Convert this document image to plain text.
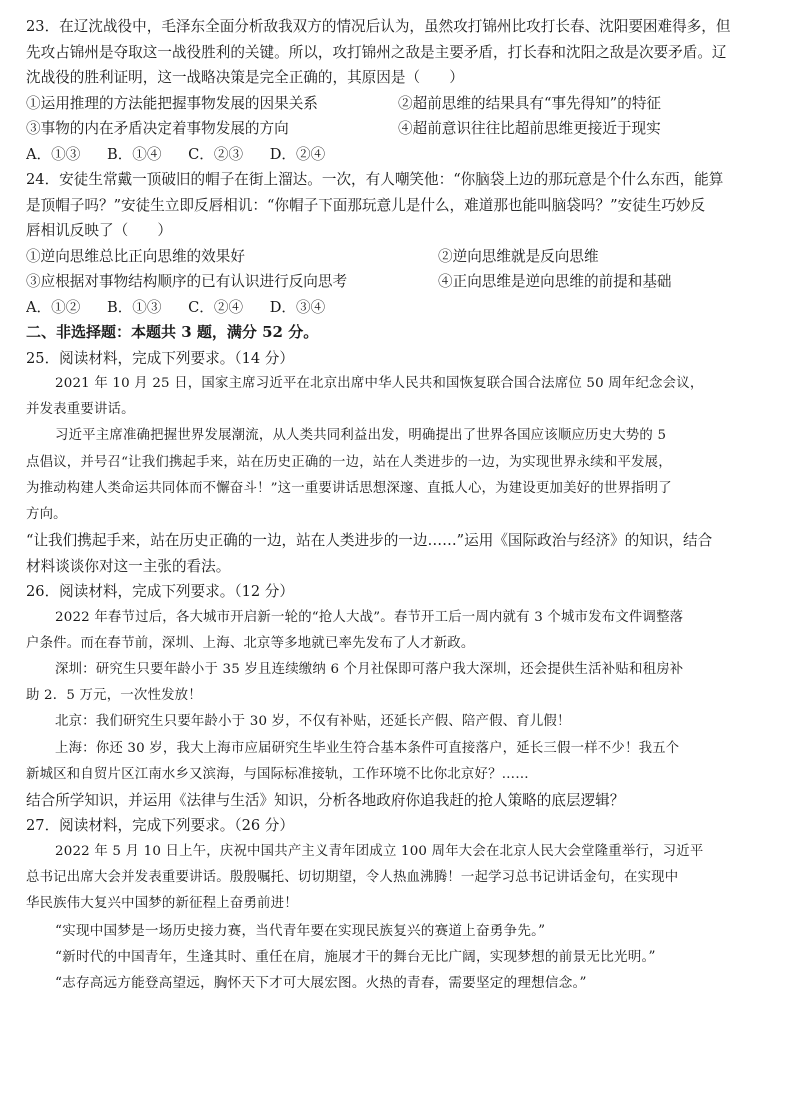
23．在辽沈战役中，毛泽东全面分析敌我双方的情况后认为，虽然攻打锦州比攻打长春、沈阳要困难得多，但
先攻占锦州是夺取这一战役胜利的关键。所以，攻打锦州之敌是主要矛盾，打长春和沈阳之敌是次要矛盾。辽
沈战役的胜利证明，这一战略决策是完全正确的，其原因是（　　）
①运用推理的方法能把握事物发展的因果关系	②超前思维的结果具有“事先得知”的特征
③事物的内在矛盾决定着事物发展的方向	④超前意识往往比超前思维更接近于现实
A．①③ B．①④ C．②③ D．②④
24．安徒生常戴一顶破旧的帽子在街上溜达。一次，有人嘲笑他：“你脑袋上边的那玩意是个什么东西，能算
是顶帽子吗？”安徒生立即反唇相讥：“你帽子下面那玩意儿是什么，难道那也能叫脑袋吗？”安徒生巧妙反
唇相讥反映了（　　）
①逆向思维总比正向思维的效果好	②逆向思维就是反向思维
③应根据对事物结构顺序的已有认识进行反向思考	④正向思维是逆向思维的前提和基础
A．①② B．①③ C．②④ D．③④
二、非选择题：本题共 3 题，满分 52 分。
25．阅读材料，完成下列要求。（14 分）
2021 年 10 月 25 日，国家主席习近平在北京出席中华人民共和国恢复联合国合法席位 50 周年纪念会议，
并发表重要讲话。
习近平主席准确把握世界发展潮流，从人类共同利益出发，明确提出了世界各国应该顺应历史大势的 5
点倡议，并号召“让我们携起手来，站在历史正确的一边，站在人类进步的一边，为实现世界永续和平发展，
为推动构建人类命运共同体而不懈奋斗！”这一重要讲话思想深邃、直抵人心，为建设更加美好的世界指明了
方向。
“让我们携起手来，站在历史正确的一边，站在人类进步的一边……”运用《国际政治与经济》的知识，结合
材料谈谈你对这一主张的看法。
26．阅读材料，完成下列要求。（12 分）
2022 年春节过后，各大城市开启新一轮的“抢人大战”。春节开工后一周内就有 3 个城市发布文件调整落
户条件。而在春节前，深圳、上海、北京等多地就已率先发布了人才新政。
深圳：研究生只要年龄小于 35 岁且连续缴纳 6 个月社保即可落户我大深圳，还会提供生活补贴和租房补
助 2．5 万元，一次性发放！
北京：我们研究生只要年龄小于 30 岁，不仅有补贴，还延长产假、陪产假、育儿假！
上海：你还 30 岁，我大上海市应届研究生毕业生符合基本条件可直接落户，延长三假一样不少！我五个
新城区和自贸片区江南水乡又滨海，与国际标准接轨，工作环境不比你北京好？……
结合所学知识，并运用《法律与生活》知识，分析各地政府你追我赶的抢人策略的底层逻辑？
27．阅读材料，完成下列要求。（26 分）
2022 年 5 月 10 日上午，庆祝中国共产主义青年团成立 100 周年大会在北京人民大会堂隆重举行，习近平
总书记出席大会并发表重要讲话。殷殷嘱托、切切期望，令人热血沸腾！一起学习总书记讲话金句，在实现中
华民族伟大复兴中国梦的新征程上奋勇前进！
“实现中国梦是一场历史接力赛，当代青年要在实现民族复兴的赛道上奋勇争先。”
“新时代的中国青年，生逢其时、重任在肩，施展才干的舞台无比广阔，实现梦想的前景无比光明。”
“志存高远方能登高望远，胸怀天下才可大展宏图。火热的青春，需要坚定的理想信念。”
